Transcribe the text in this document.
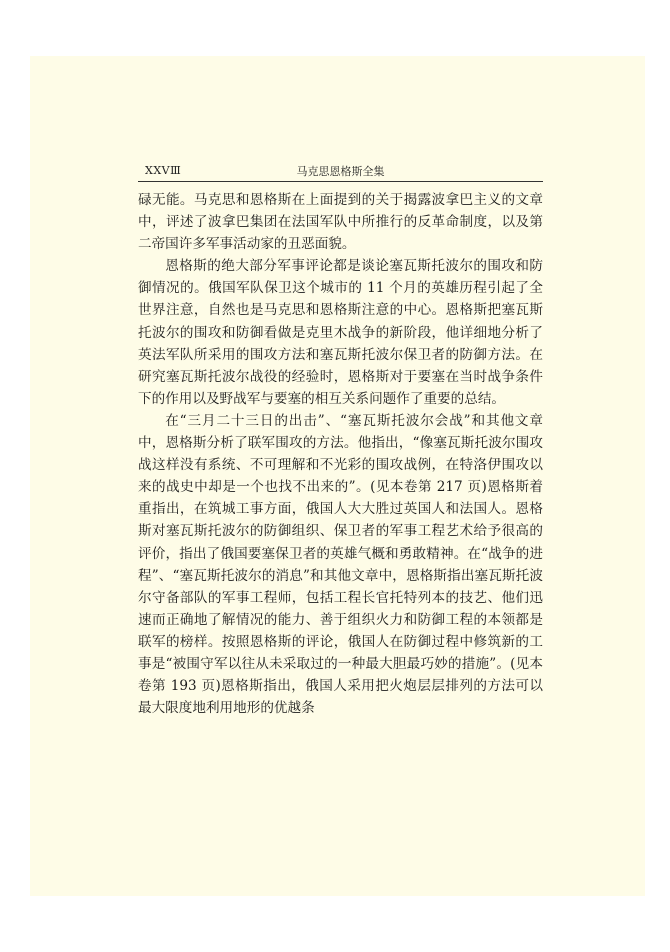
XXVⅢ	马克思恩格斯全集

碌无能。马克思和恩格斯在上面提到的关于揭露波拿巴主义的文章中，评述了波拿巴集团在法国军队中所推行的反革命制度，以及第二帝国许多军事活动家的丑恶面貌。

恩格斯的绝大部分军事评论都是谈论塞瓦斯托波尔的围攻和防御情况的。俄国军队保卫这个城市的 11 个月的英雄历程引起了全世界注意，自然也是马克思和恩格斯注意的中心。恩格斯把塞瓦斯托波尔的围攻和防御看做是克里木战争的新阶段，他详细地分析了英法军队所采用的围攻方法和塞瓦斯托波尔保卫者的防御方法。在研究塞瓦斯托波尔战役的经验时，恩格斯对于要塞在当时战争条件下的作用以及野战军与要塞的相互关系问题作了重要的总结。

在“三月二十三日的出击”、“塞瓦斯托波尔会战”和其他文章中，恩格斯分析了联军围攻的方法。他指出，“像塞瓦斯托波尔围攻战这样没有系统、不可理解和不光彩的围攻战例，在特洛伊围攻以来的战史中却是一个也找不出来的”。(见本卷第 217 页)恩格斯着重指出，在筑城工事方面，俄国人大大胜过英国人和法国人。恩格斯对塞瓦斯托波尔的防御组织、保卫者的军事工程艺术给予很高的评价，指出了俄国要塞保卫者的英雄气概和勇敢精神。在“战争的进程”、“塞瓦斯托波尔的消息”和其他文章中，恩格斯指出塞瓦斯托波尔守备部队的军事工程师，包括工程长官托特列本的技艺、他们迅速而正确地了解情况的能力、善于组织火力和防御工程的本领都是联军的榜样。按照恩格斯的评论，俄国人在防御过程中修筑新的工事是“被围守军以往从未采取过的一种最大胆最巧妙的措施”。(见本卷第 193 页)恩格斯指出，俄国人采用把火炮层层排列的方法可以最大限度地利用地形的优越条
